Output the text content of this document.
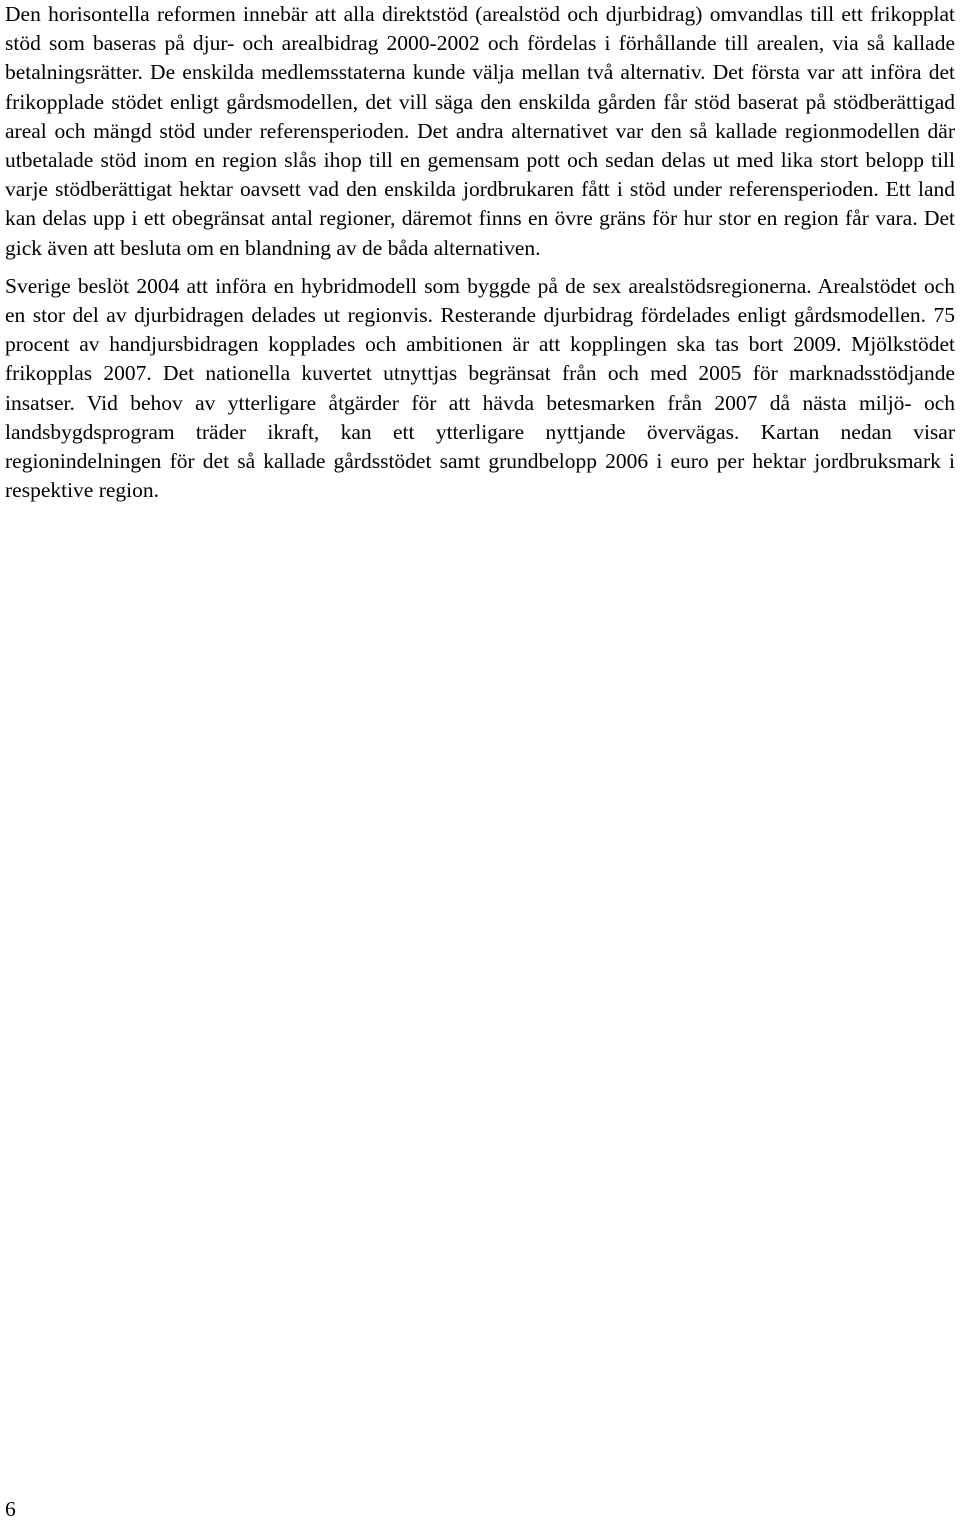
Den horisontella reformen innebär att alla direktstöd (arealstöd och djurbidrag) omvandlas till ett frikopplat stöd som baseras på djur- och arealbidrag 2000-2002 och fördelas i förhållande till arealen, via så kallade betalningsrätter. De enskilda medlemsstaterna kunde välja mellan två alternativ. Det första var att införa det frikopplade stödet enligt gårdsmodellen, det vill säga den enskilda gården får stöd baserat på stödberättigad areal och mängd stöd under referensperioden. Det andra alternativet var den så kallade regionmodellen där utbetalade stöd inom en region slås ihop till en gemensam pott och sedan delas ut med lika stort belopp till varje stödberättigat hektar oavsett vad den enskilda jordbrukaren fått i stöd under referensperioden. Ett land kan delas upp i ett obegränsat antal regioner, däremot finns en övre gräns för hur stor en region får vara. Det gick även att besluta om en blandning av de båda alternativen.

Sverige beslöt 2004 att införa en hybridmodell som byggde på de sex arealstödsregionerna. Arealstödet och en stor del av djurbidragen delades ut regionvis. Resterande djurbidrag fördelades enligt gårdsmodellen. 75 procent av handjursbidragen kopplades och ambitionen är att kopplingen ska tas bort 2009. Mjölkstödet frikopplas 2007. Det nationella kuvertet utnyttjas begränsat från och med 2005 för marknadsstödjande insatser. Vid behov av ytterligare åtgärder för att hävda betesmarken från 2007 då nästa miljö- och landsbygdsprogram träder ikraft, kan ett ytterligare nyttjande övervägas. Kartan nedan visar regionindelningen för det så kallade gårdsstödet samt grundbelopp 2006 i euro per hektar jordbruksmark i respektive region.

6
